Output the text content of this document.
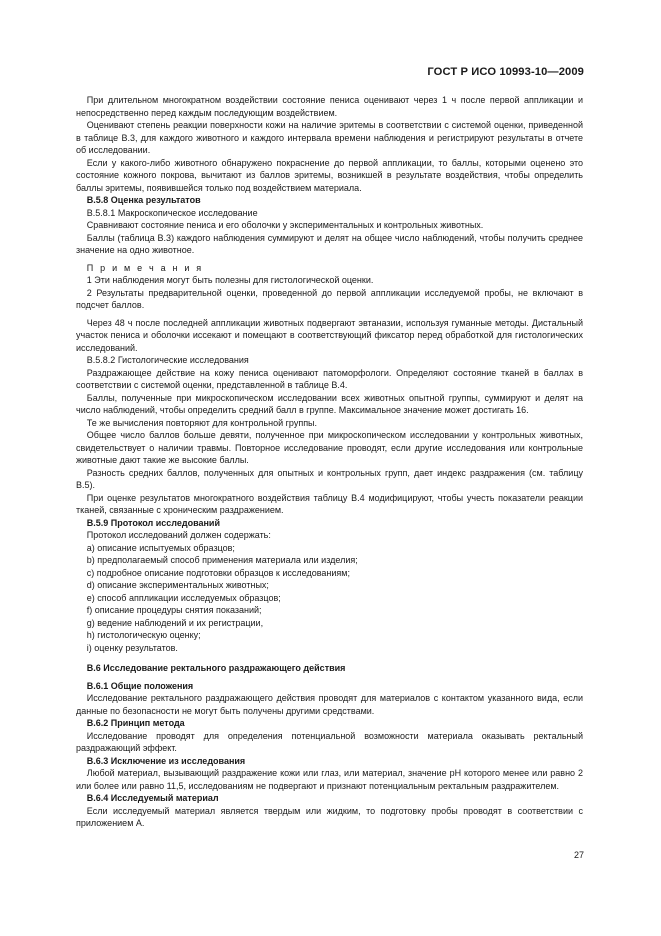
ГОСТ Р ИСО 10993-10—2009

При длительном многократном воздействии состояние пениса оценивают через 1 ч после первой аппликации и непосредственно перед каждым последующим воздействием.

Оценивают степень реакции поверхности кожи на наличие эритемы в соответствии с системой оценки, приведенной в таблице В.3, для каждого животного и каждого интервала времени наблюдения и регистрируют результаты в отчете об исследовании.

Если у какого-либо животного обнаружено покраснение до первой аппликации, то баллы, которыми оценено это состояние кожного покрова, вычитают из баллов эритемы, возникшей в результате воздействия, чтобы определить баллы эритемы, появившейся только под воздействием материала.

В.5.8 Оценка результатов

В.5.8.1 Макроскопическое исследование

Сравнивают состояние пениса и его оболочки у экспериментальных и контрольных животных.

Баллы (таблица В.3) каждого наблюдения суммируют и делят на общее число наблюдений, чтобы получить среднее значение на одно животное.

П р и м е ч а н и я

1 Эти наблюдения могут быть полезны для гистологической оценки.

2 Результаты предварительной оценки, проведенной до первой аппликации исследуемой пробы, не включают в подсчет баллов.

Через 48 ч после последней аппликации животных подвергают эвтаназии, используя гуманные методы. Дистальный участок пениса и оболочки иссекают и помещают в соответствующий фиксатор перед обработкой для гистологических исследований.

В.5.8.2 Гистологические исследования

Раздражающее действие на кожу пениса оценивают патоморфологи. Определяют состояние тканей в баллах в соответствии с системой оценки, представленной в таблице В.4.

Баллы, полученные при микроскопическом исследовании всех животных опытной группы, суммируют и делят на число наблюдений, чтобы определить средний балл в группе. Максимальное значение может достигать 16.

Те же вычисления повторяют для контрольной группы.

Общее число баллов больше девяти, полученное при микроскопическом исследовании у контрольных животных, свидетельствует о наличии травмы. Повторное исследование проводят, если другие исследования или контрольные животные дают такие же высокие баллы.

Разность средних баллов, полученных для опытных и контрольных групп, дает индекс раздражения (см. таблицу В.5).

При оценке результатов многократного воздействия таблицу В.4 модифицируют, чтобы учесть показатели реакции тканей, связанные с хроническим раздражением.

В.5.9 Протокол исследований

Протокол исследований должен содержать:

a) описание испытуемых образцов;

b) предполагаемый способ применения материала или изделия;

c) подробное описание подготовки образцов к исследованиям;

d) описание экспериментальных животных;

e) способ аппликации исследуемых образцов;

f) описание процедуры снятия показаний;

g) ведение наблюдений и их регистрации,

h) гистологическую оценку;

i) оценку результатов.

В.6 Исследование ректального раздражающего действия

В.6.1 Общие положения

Исследование ректального раздражающего действия проводят для материалов с контактом указанного вида, если данные по безопасности не могут быть получены другими средствами.

В.6.2 Принцип метода

Исследование проводят для определения потенциальной возможности материала оказывать ректальный раздражающий эффект.

В.6.3 Исключение из исследования

Любой материал, вызывающий раздражение кожи или глаз, или материал, значение pH которого менее или равно 2 или более или равно 11,5, исследованиям не подвергают и признают потенциальным ректальным раздражителем.

В.6.4 Исследуемый материал

Если исследуемый материал является твердым или жидким, то подготовку пробы проводят в соответствии с приложением А.

27
